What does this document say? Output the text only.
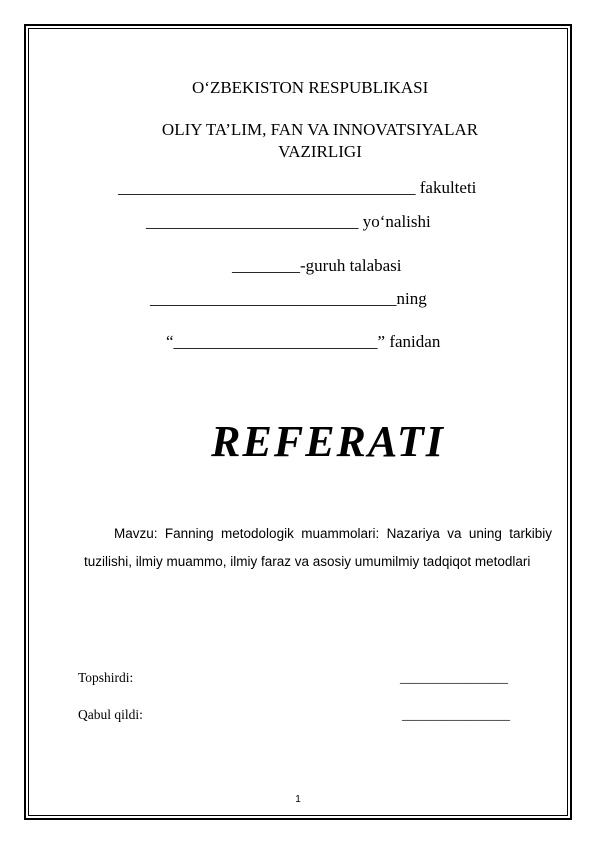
O‘ZBEKISTON RESPUBLIKASI
OLIY TA’LIM, FAN VA INNOVATSIYALAR
VAZIRLIGI
___________________________________ fakulteti
_________________________ yo‘nalishi
________-guruh talabasi
_____________________________ning
“________________________” fanidan
REFERATI
Mavzu: Fanning metodologik muammolari: Nazariya va uning tarkibiy tuzilishi, ilmiy muammo, ilmiy faraz va asosiy umumilmiy tadqiqot metodlari
Topshirdi:	________________
Qabul qildi:	________________
1
